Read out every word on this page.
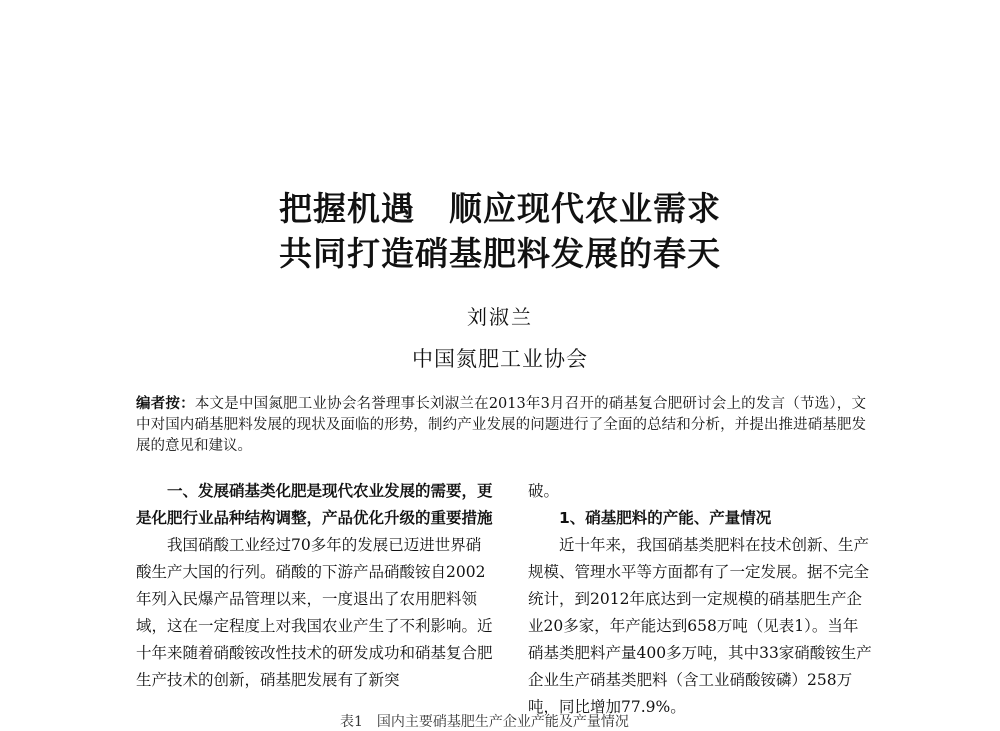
把握机遇　顺应现代农业需求
共同打造硝基肥料发展的春天
刘淑兰
中国氮肥工业协会
编者按：本文是中国氮肥工业协会名誉理事长刘淑兰在2013年3月召开的硝基复合肥研讨会上的发言（节选），文中对国内硝基肥料发展的现状及面临的形势，制约产业发展的问题进行了全面的总结和分析，并提出推进硝基肥发展的意见和建议。

一、发展硝基类化肥是现代农业发展的需要，更是化肥行业品种结构调整，产品优化升级的重要措施

我国硝酸工业经过70多年的发展已迈进世界硝酸生产大国的行列。硝酸的下游产品硝酸铵自2002年列入民爆产品管理以来，一度退出了农用肥料领域，这在一定程度上对我国农业产生了不利影响。近十年来随着硝酸铵改性技术的研发成功和硝基复合肥生产技术的创新，硝基肥发展有了新突

破。

1、硝基肥料的产能、产量情况

近十年来，我国硝基类肥料在技术创新、生产规模、管理水平等方面都有了一定发展。据不完全统计，到2012年底达到一定规模的硝基肥生产企业20多家，年产能达到658万吨（见表1）。当年硝基类肥料产量400多万吨，其中33家硝酸铵生产企业生产硝基类肥料（含工业硝酸铵磷）258万吨，同比增加77.9%。

表1　国内主要硝基肥生产企业产能及产量情况
